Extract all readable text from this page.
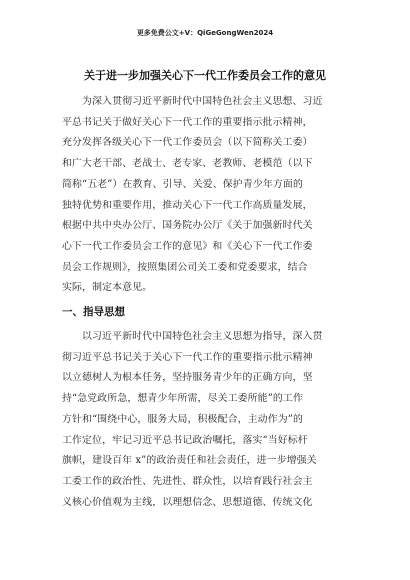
更多免费公文+V：QiGeGongWen2024
关于进一步加强关心下一代工作委员会工作的意见
为深入贯彻习近平新时代中国特色社会主义思想、习近
平总书记关于做好关心下一代工作的重要指示批示精神，
充分发挥各级关心下一代工作委员会（以下简称关工委）
和广大老干部、老战士、老专家、老教师、老模范（以下
简称“五老”）在教育、引导、关爱、保护青少年方面的
独特优势和重要作用，推动关心下一代工作高质量发展，
根据中共中央办公厅、国务院办公厅《关于加强新时代关
心下一代工作委员会工作的意见》和《关心下一代工作委
员会工作规则》，按照集团公司关工委和党委要求，结合
实际，制定本意见。
一、指导思想
以习近平新时代中国特色社会主义思想为指导，深入贯
彻习近平总书记关于关心下一代工作的重要指示批示精神
以立德树人为根本任务，坚持服务青少年的正确方向，坚
持“急党政所急，想青少年所需，尽关工委所能”的工作
方针和“围绕中心，服务大局，积极配合，主动作为”的
工作定位，牢记习近平总书记政治嘱托，落实“当好标杆
旗帜，建设百年 x”的政治责任和社会责任，进一步增强关
工委工作的政治性、先进性、群众性，以培育践行社会主
义核心价值观为主线，以理想信念、思想道德、传统文化
